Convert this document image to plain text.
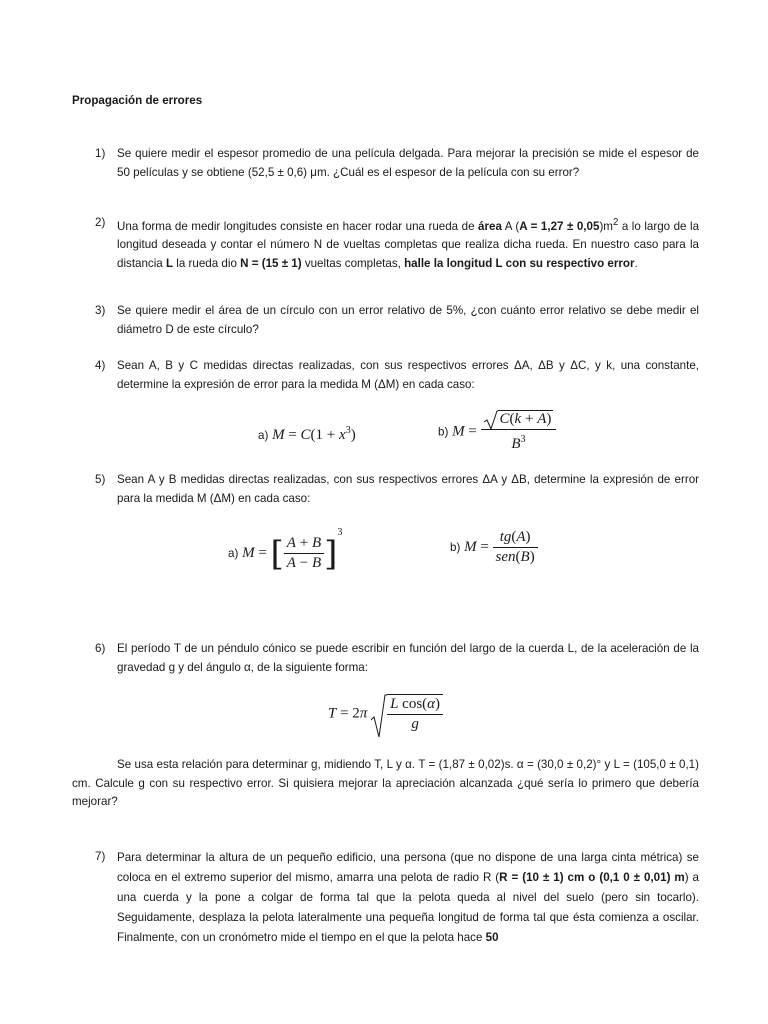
Propagación de errores
1) Se quiere medir el espesor promedio de una película delgada. Para mejorar la precisión se mide el espesor de 50 películas y se obtiene (52,5 ± 0,6) μm. ¿Cuál es el espesor de la película con su error?
2) Una forma de medir longitudes consiste en hacer rodar una rueda de área A $(A = 1,27 \pm 0,05)m^2$ a lo largo de la longitud deseada y contar el número N de vueltas completas que realiza dicha rueda. En nuestro caso para la distancia L la rueda dio N = (15 ± 1) vueltas completas, halle la longitud L con su respectivo error.
3) Se quiere medir el área de un círculo con un error relativo de 5%, ¿con cuánto error relativo se debe medir el diámetro D de este círculo?
4) Sean A, B y C medidas directas realizadas, con sus respectivos errores ΔA, ΔB y ΔC, y k, una constante, determine la expresión de error para la medida M (ΔM) en cada caso:
a) $M = C(1 + x^3)$	b) $M = \frac{C(k + A)}{B^3}$
5) Sean A y B medidas directas realizadas, con sus respectivos errores ΔA y ΔB, determine la expresión de error para la medida M (ΔM) en cada caso:
a) M = [ $\frac{A + B}{A - B} ]^3$
b) $M = \frac{tg(A)}{\text{sen(B)}}$
6) El período T de un péndulo cónico se puede escribir en función del largo de la cuerda L, de la aceleración de la gravedad g y del ángulo α, de la siguiente forma:
$T = 2\pi \frac{\text{L cos(α)}}{g}$
Se usa esta relación para determinar g, midiendo T, L y α. T = (1,87 ± 0,02)s. α = (30,0 ± 0,2)° y L = (105,0 ± 0,1) cm. Calcule g con su respectivo error. Si quisiera mejorar la apreciación alcanzada ¿qué sería lo primero que debería mejorar?
7) Para determinar la altura de un pequeño edificio, una persona (que no dispone de una larga cinta métrica) se coloca en el extremo superior del mismo, amarra una pelota de radio R (R = (10 ± 1) cm o (0,1 0 ± 0,01) m) a una cuerda y la pone a colgar de forma tal que la pelota queda al nivel del suelo (pero sin tocarlo). Seguidamente, desplaza la pelota lateralmente una pequeña longitud de forma tal que ésta comienza a oscilar. Finalmente, con un cronómetro mide el tiempo en el que la pelota hace 50
